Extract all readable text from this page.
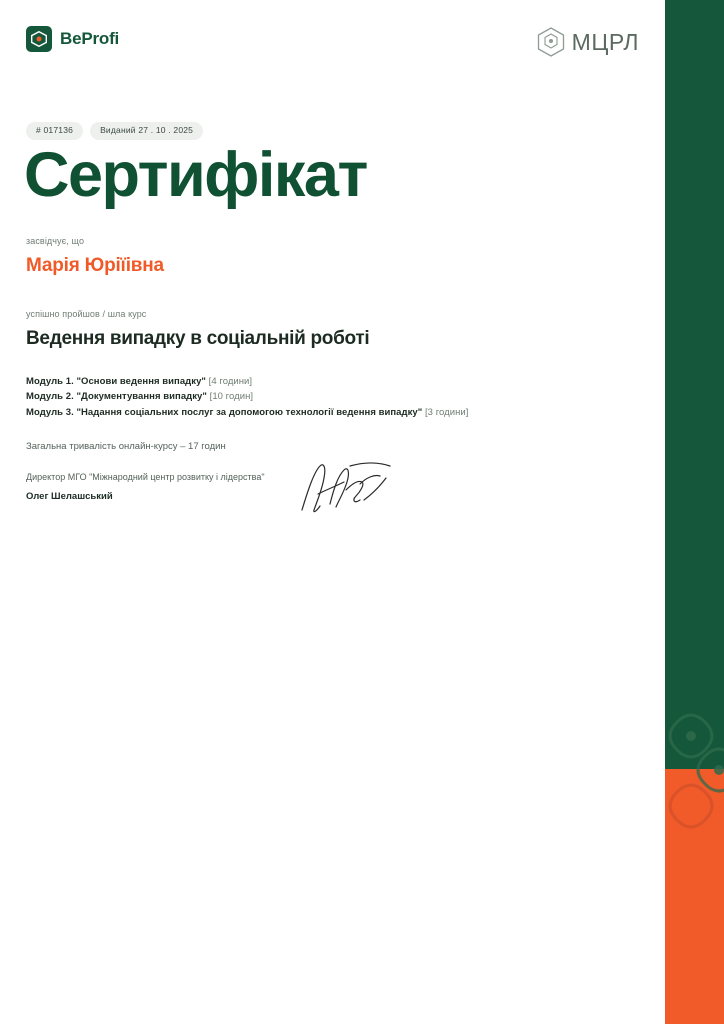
BeProfi	МЦРЛ
# 017136	Виданий 27 . 10 . 2025
Сертифікат
засвідчує, що
Марія Юріїівна
успішно пройшов / шла курс
Ведення випадку в соціальній роботі
Модуль 1. "Основи ведення випадку" [4 години]
Модуль 2. "Документування випадку" [10 годин]
Модуль 3. "Надання соціальних послуг за допомогою технології ведення випадку" [3 години]
Загальна тривалість онлайн-курсу – 17 годин
Директор МГО "Міжнародний центр розвитку і лідерства"
Олег Шелашський
